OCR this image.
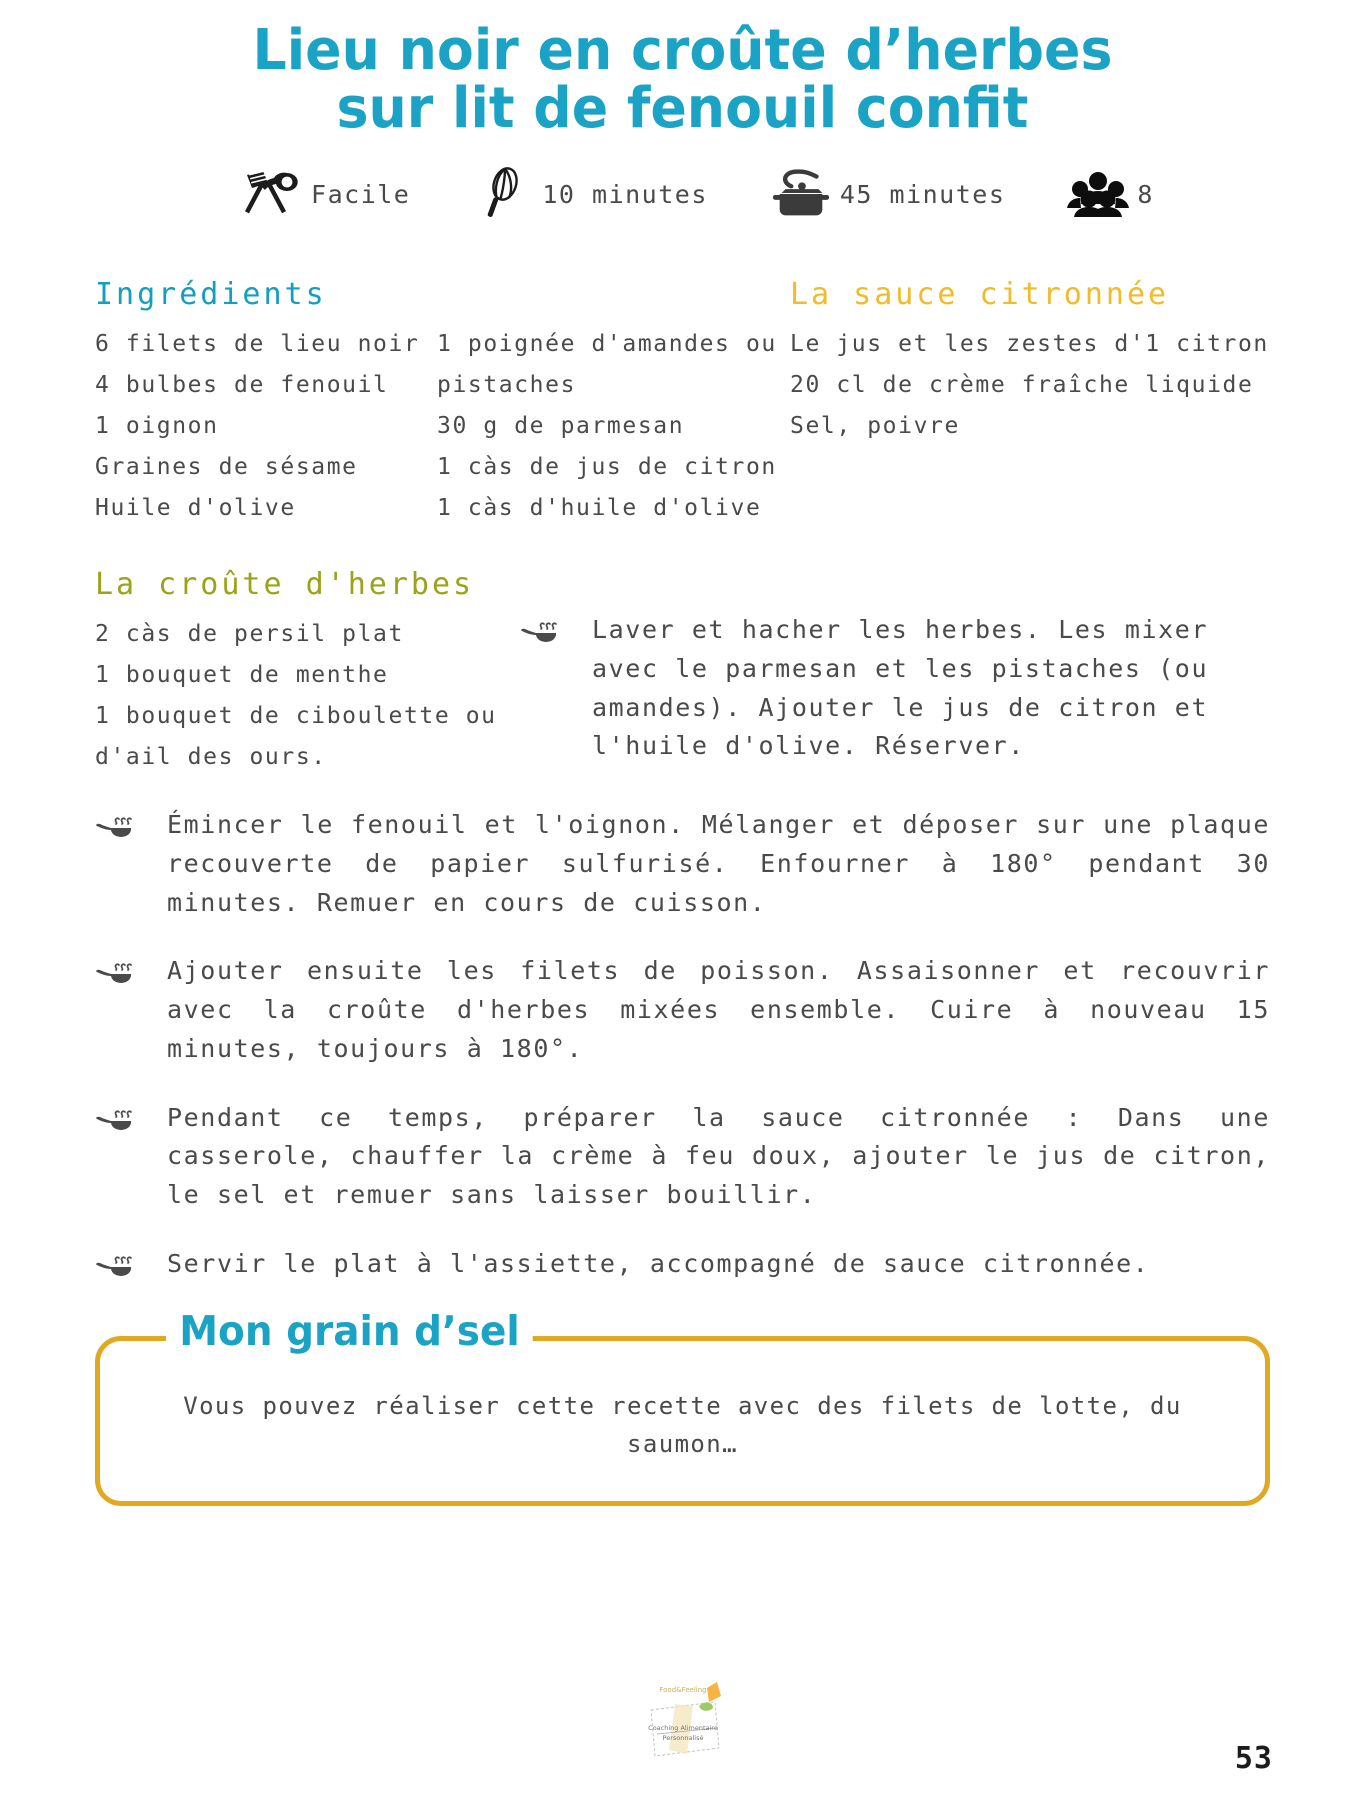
Lieu noir en croûte d’herbes
sur lit de fenouil confit
Facile	10 minutes	45 minutes	8
Ingrédients
6 filets de lieu noir
4 bulbes de fenouil
1 oignon
Graines de sésame
Huile d'olive
1 poignée d'amandes ou pistaches
30 g de parmesan
1 càs de jus de citron
1 càs d'huile d'olive
La sauce citronnée
Le jus et les zestes d'1 citron
20 cl de crème fraîche liquide
Sel, poivre
La croûte d'herbes
2 càs de persil plat
1 bouquet de menthe
1 bouquet de ciboulette ou d'ail des ours.
Laver et hacher les herbes. Les mixer avec le parmesan et les pistaches (ou amandes). Ajouter le jus de citron et l'huile d'olive. Réserver.
Émincer le fenouil et l'oignon. Mélanger et déposer sur une plaque recouverte de papier sulfurisé. Enfourner à 180° pendant 30 minutes. Remuer en cours de cuisson.
Ajouter ensuite les filets de poisson. Assaisonner et recouvrir avec la croûte d'herbes mixées ensemble. Cuire à nouveau 15 minutes, toujours à 180°.
Pendant ce temps, préparer la sauce citronnée : Dans une casserole, chauffer la crème à feu doux, ajouter le jus de citron, le sel et remuer sans laisser bouillir.
Servir le plat à l'assiette, accompagné de sauce citronnée.
Mon grain d’sel
Vous pouvez réaliser cette recette avec des filets de lotte, du saumon…
Food&Feeling
Coaching Alimentaire
Personnalisé
53
